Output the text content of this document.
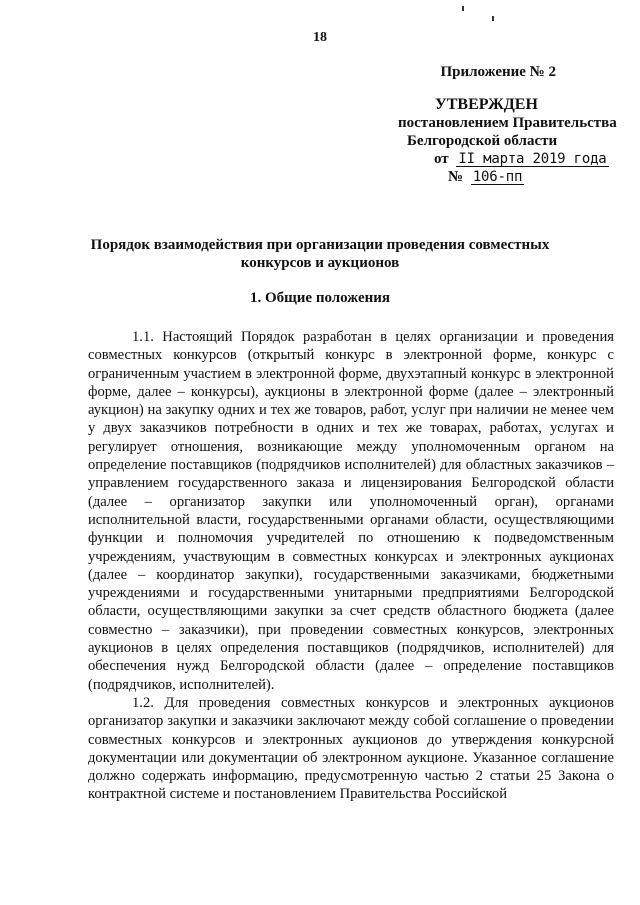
18
Приложение № 2
УТВЕРЖДЕН
постановлением Правительства
Белгородской области
от II марта 2019 года
№ 106-пп
Порядок взаимодействия при организации проведения совместных
конкурсов и аукционов
1. Общие положения

1.1. Настоящий Порядок разработан в целях организации и проведения совместных конкурсов (открытый конкурс в электронной форме, конкурс с ограниченным участием в электронной форме, двухэтапный конкурс в электронной форме, далее – конкурсы), аукционы в электронной форме (далее – электронный аукцион) на закупку одних и тех же товаров, работ, услуг при наличии не менее чем у двух заказчиков потребности в одних и тех же товарах, работах, услугах и регулирует отношения, возникающие между уполномоченным органом на определение поставщиков (подрядчиков исполнителей) для областных заказчиков – управлением государственного заказа и лицензирования Белгородской области (далее – организатор закупки или уполномоченный орган), органами исполнительной власти, государственными органами области, осуществляющими функции и полномочия учредителей по отношению к подведомственным учреждениям, участвующим в совместных конкурсах и электронных аукционах (далее – координатор закупки), государственными заказчиками, бюджетными учреждениями и государственными унитарными предприятиями Белгородской области, осуществляющими закупки за счет средств областного бюджета (далее совместно – заказчики), при проведении совместных конкурсов, электронных аукционов в целях определения поставщиков (подрядчиков, исполнителей) для обеспечения нужд Белгородской области (далее – определение поставщиков (подрядчиков, исполнителей).

1.2. Для проведения совместных конкурсов и электронных аукционов организатор закупки и заказчики заключают между собой соглашение о проведении совместных конкурсов и электронных аукционов до утверждения конкурсной документации или документации об электронном аукционе. Указанное соглашение должно содержать информацию, предусмотренную частью 2 статьи 25 Закона о контрактной системе и постановлением Правительства Российской
